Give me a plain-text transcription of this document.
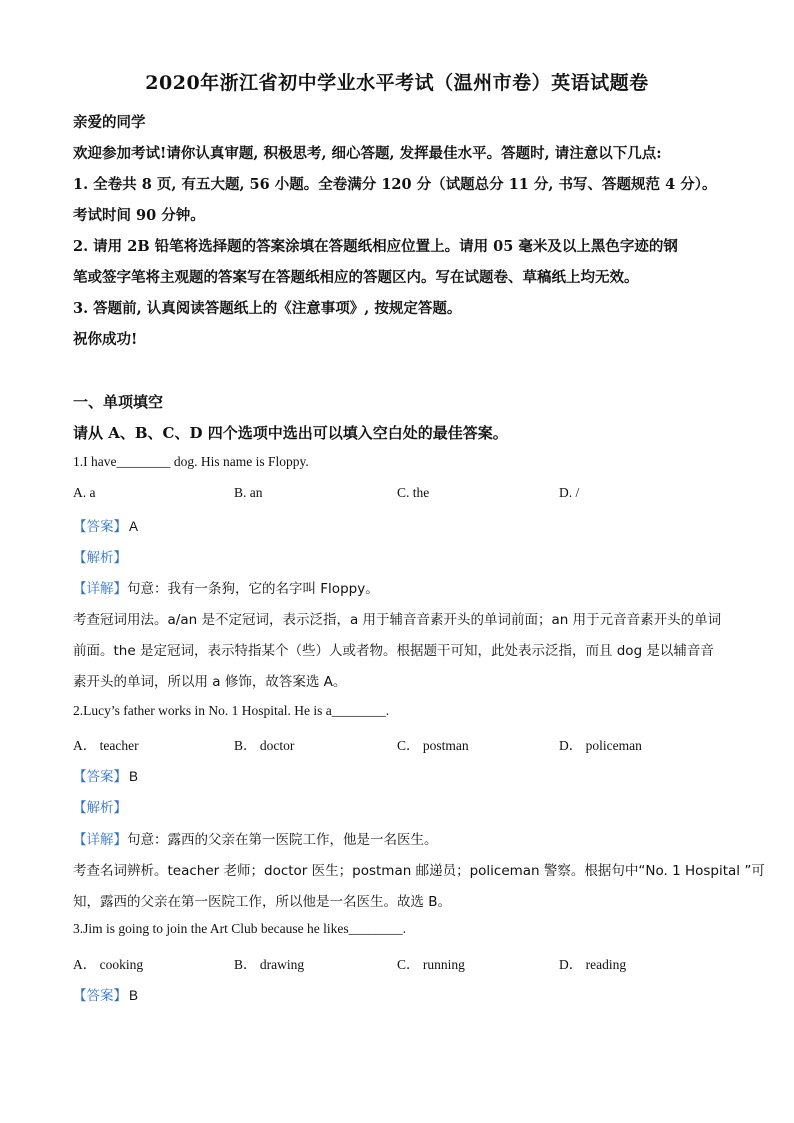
2020年浙江省初中学业水平考试（温州市卷）英语试题卷
亲爱的同学
欢迎参加考试!请你认真审题, 积极思考, 细心答题, 发挥最佳水平。答题时, 请注意以下几点:
1. 全卷共 8 页, 有五大题, 56 小题。全卷满分 120 分（试题总分 11 分, 书写、答题规范 4 分）。
考试时间 90 分钟。
2. 请用 2B 铅笔将选择题的答案涂填在答题纸相应位置上。请用 05 毫米及以上黑色字迹的钢
笔或签字笔将主观题的答案写在答题纸相应的答题区内。写在试题卷、草稿纸上均无效。
3. 答题前, 认真阅读答题纸上的《注意事项》, 按规定答题。
祝你成功!
一、单项填空
请从 A、B、C、D 四个选项中选出可以填入空白处的最佳答案。
1.I have________ dog. His name is Floppy.
A. a	B. an	C. the	D. /
【答案】 A
【解析】
【详解】句意：我有一条狗，它的名字叫 Floppy。
考查冠词用法。a/an 是不定冠词，表示泛指，a 用于辅音音素开头的单词前面；an 用于元音音素开头的单词
前面。the 是定冠词，表示特指某个（些）人或者物。根据题干可知，此处表示泛指，而且 dog 是以辅音音
素开头的单词，所以用 a 修饰，故答案选 A。
2.Lucy’s father works in No. 1 Hospital. He is a________.
A． teacher	B． doctor	C． postman	D． policeman
【答案】 B
【解析】
【详解】句意：露西的父亲在第一医院工作，他是一名医生。
考查名词辨析。teacher 老师；doctor 医生；postman 邮递员；policeman 警察。根据句中“No. 1 Hospital ”可
知，露西的父亲在第一医院工作，所以他是一名医生。故选 B。
3.Jim is going to join the Art Club because he likes________.
A． cooking	B． drawing	C． running	D． reading
【答案】 B
